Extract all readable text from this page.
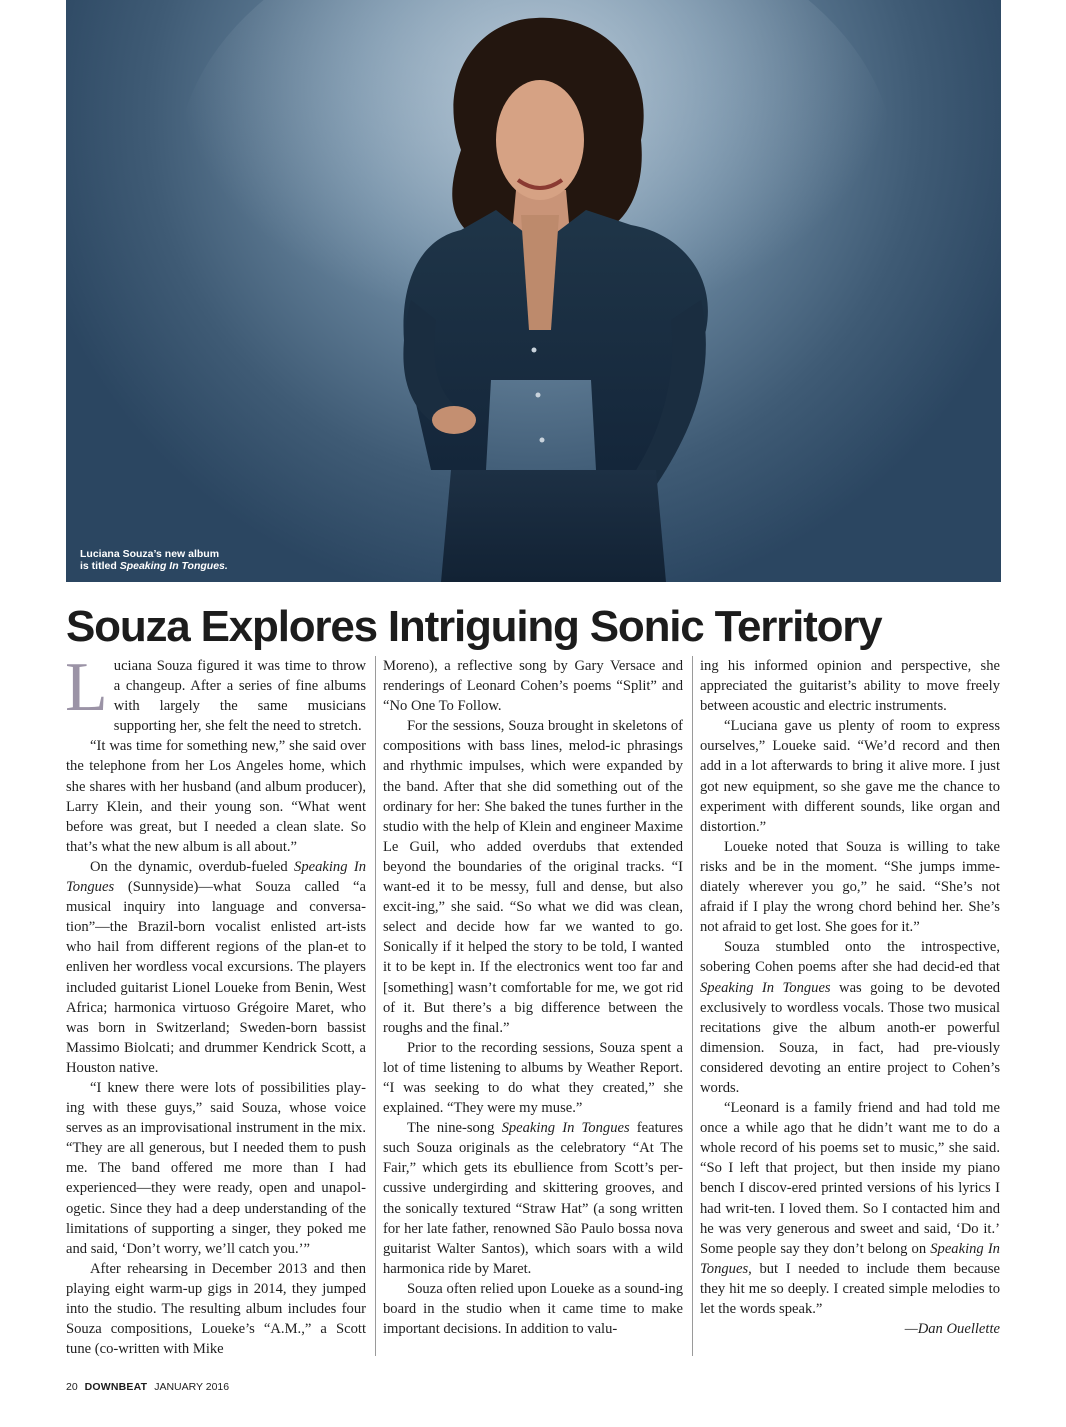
Luciana Souza’s new album
is titled Speaking In Tongues.	KIM FOX
Souza Explores Intriguing Sonic Territory

Luciana Souza figured it was time to throw a changeup. After a series of fine albums with largely the same musicians supporting her, she felt the need to stretch.

“It was time for something new,” she said over the telephone from her Los Angeles home, which she shares with her husband (and album producer), Larry Klein, and their young son. “What went before was great, but I needed a clean slate. So that’s what the new album is all about.”

On the dynamic, overdub-fueled Speaking In Tongues (Sunnyside)—what Souza called “a musical inquiry into language and conversa-tion”—the Brazil-born vocalist enlisted art-ists who hail from different regions of the plan-et to enliven her wordless vocal excursions. The players included guitarist Lionel Loueke from Benin, West Africa; harmonica virtuoso Grégoire Maret, who was born in Switzerland; Sweden-born bassist Massimo Biolcati; and drummer Kendrick Scott, a Houston native.

“I knew there were lots of possibilities play-ing with these guys,” said Souza, whose voice serves as an improvisational instrument in the mix. “They are all generous, but I needed them to push me. The band offered me more than I had experienced—they were ready, open and unapol-ogetic. Since they had a deep understanding of the limitations of supporting a singer, they poked me and said, ‘Don’t worry, we’ll catch you.’”

After rehearsing in December 2013 and then playing eight warm-up gigs in 2014, they jumped into the studio. The resulting album includes four Souza compositions, Loueke’s “A.M.,” a Scott tune (co-written with Mike

Moreno), a reflective song by Gary Versace and renderings of Leonard Cohen’s poems “Split” and “No One To Follow.

For the sessions, Souza brought in skeletons of compositions with bass lines, melod-ic phrasings and rhythmic impulses, which were expanded by the band. After that she did something out of the ordinary for her: She baked the tunes further in the studio with the help of Klein and engineer Maxime Le Guil, who added overdubs that extended beyond the boundaries of the original tracks. “I want-ed it to be messy, full and dense, but also excit-ing,” she said. “So what we did was clean, select and decide how far we wanted to go. Sonically if it helped the story to be told, I wanted it to be kept in. If the electronics went too far and [something] wasn’t comfortable for me, we got rid of it. But there’s a big difference between the roughs and the final.”

Prior to the recording sessions, Souza spent a lot of time listening to albums by Weather Report. “I was seeking to do what they created,” she explained. “They were my muse.”

The nine-song Speaking In Tongues features such Souza originals as the celebratory “At The Fair,” which gets its ebullience from Scott’s per-cussive undergirding and skittering grooves, and the sonically textured “Straw Hat” (a song written for her late father, renowned São Paulo bossa nova guitarist Walter Santos), which soars with a wild harmonica ride by Maret.

Souza often relied upon Loueke as a sound-ing board in the studio when it came time to make important decisions. In addition to valu-

ing his informed opinion and perspective, she appreciated the guitarist’s ability to move freely between acoustic and electric instruments.

“Luciana gave us plenty of room to express ourselves,” Loueke said. “We’d record and then add in a lot afterwards to bring it alive more. I just got new equipment, so she gave me the chance to experiment with different sounds, like organ and distortion.”

Loueke noted that Souza is willing to take risks and be in the moment. “She jumps imme-diately wherever you go,” he said. “She’s not afraid if I play the wrong chord behind her. She’s not afraid to get lost. She goes for it.”

Souza stumbled onto the introspective, sobering Cohen poems after she had decid-ed that Speaking In Tongues was going to be devoted exclusively to wordless vocals. Those two musical recitations give the album anoth-er powerful dimension. Souza, in fact, had pre-viously considered devoting an entire project to Cohen’s words.

“Leonard is a family friend and had told me once a while ago that he didn’t want me to do a whole record of his poems set to music,” she said. “So I left that project, but then inside my piano bench I discov-ered printed versions of his lyrics I had writ-ten. I loved them. So I contacted him and he was very generous and sweet and said, ‘Do it.’ Some people say they don’t belong on Speaking In Tongues, but I needed to include them because they hit me so deeply. I created simple melodies to let the words speak.”

—Dan Ouellette

20 DOWNBEAT JANUARY 2016
